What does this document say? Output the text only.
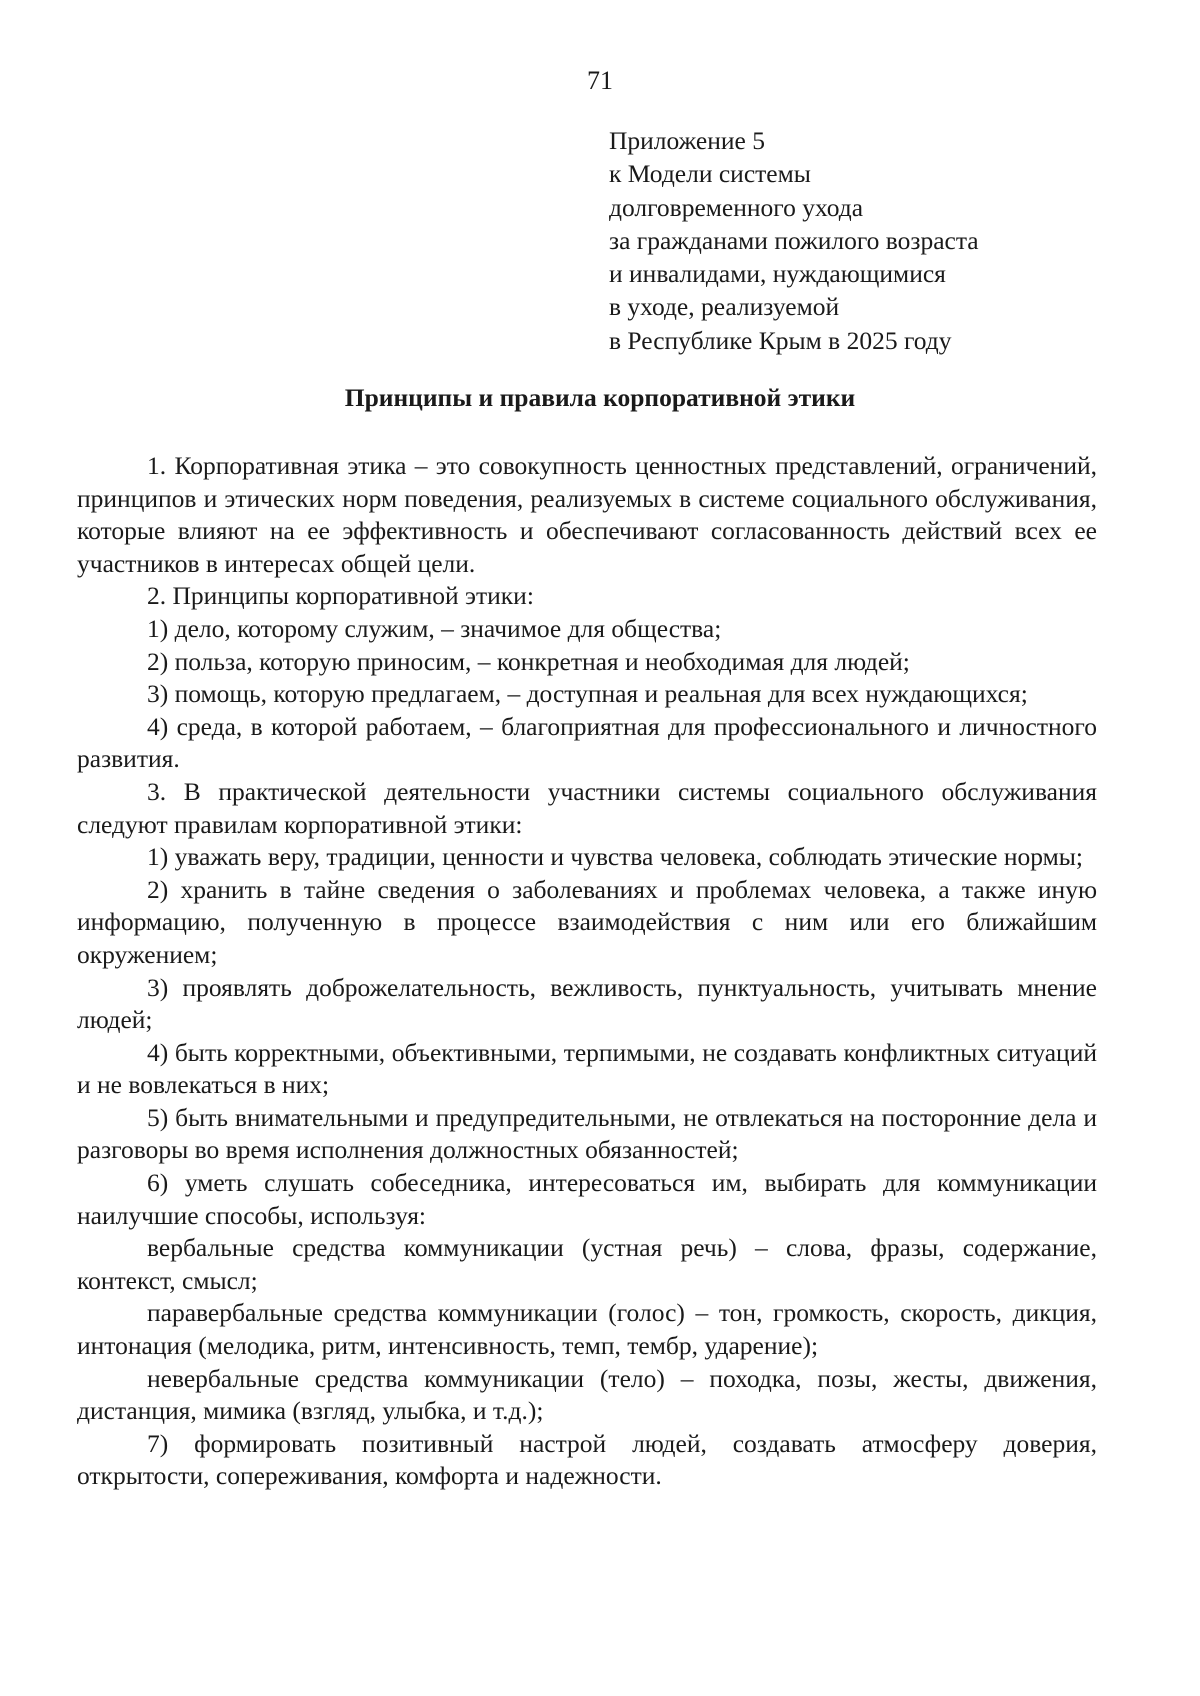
71
Приложение 5
к Модели системы
долговременного ухода
за гражданами пожилого возраста
и инвалидами, нуждающимися
в уходе, реализуемой
в Республике Крым в 2025 году
Принципы и правила корпоративной этики

1. Корпоративная этика – это совокупность ценностных представлений, ограничений, принципов и этических норм поведения, реализуемых в системе социального обслуживания, которые влияют на ее эффективность и обеспечивают согласованность действий всех ее участников в интересах общей цели.

2. Принципы корпоративной этики:

1) дело, которому служим, – значимое для общества;

2) польза, которую приносим, – конкретная и необходимая для людей;

3) помощь, которую предлагаем, – доступная и реальная для всех нуждающихся;

4) среда, в которой работаем, – благоприятная для профессионального и личностного развития.

3. В практической деятельности участники системы социального обслуживания следуют правилам корпоративной этики:

1) уважать веру, традиции, ценности и чувства человека, соблюдать этические нормы;

2) хранить в тайне сведения о заболеваниях и проблемах человека, а также иную информацию, полученную в процессе взаимодействия с ним или его ближайшим окружением;

3) проявлять доброжелательность, вежливость, пунктуальность, учитывать мнение людей;

4) быть корректными, объективными, терпимыми, не создавать конфликтных ситуаций и не вовлекаться в них;

5) быть внимательными и предупредительными, не отвлекаться на посторонние дела и разговоры во время исполнения должностных обязанностей;

6) уметь слушать собеседника, интересоваться им, выбирать для коммуникации наилучшие способы, используя:

вербальные средства коммуникации (устная речь) – слова, фразы, содержание, контекст, смысл;

паравербальные средства коммуникации (голос) – тон, громкость, скорость, дикция, интонация (мелодика, ритм, интенсивность, темп, тембр, ударение);

невербальные средства коммуникации (тело) – походка, позы, жесты, движения, дистанция, мимика (взгляд, улыбка, и т.д.);

7) формировать позитивный настрой людей, создавать атмосферу доверия, открытости, сопереживания, комфорта и надежности.
